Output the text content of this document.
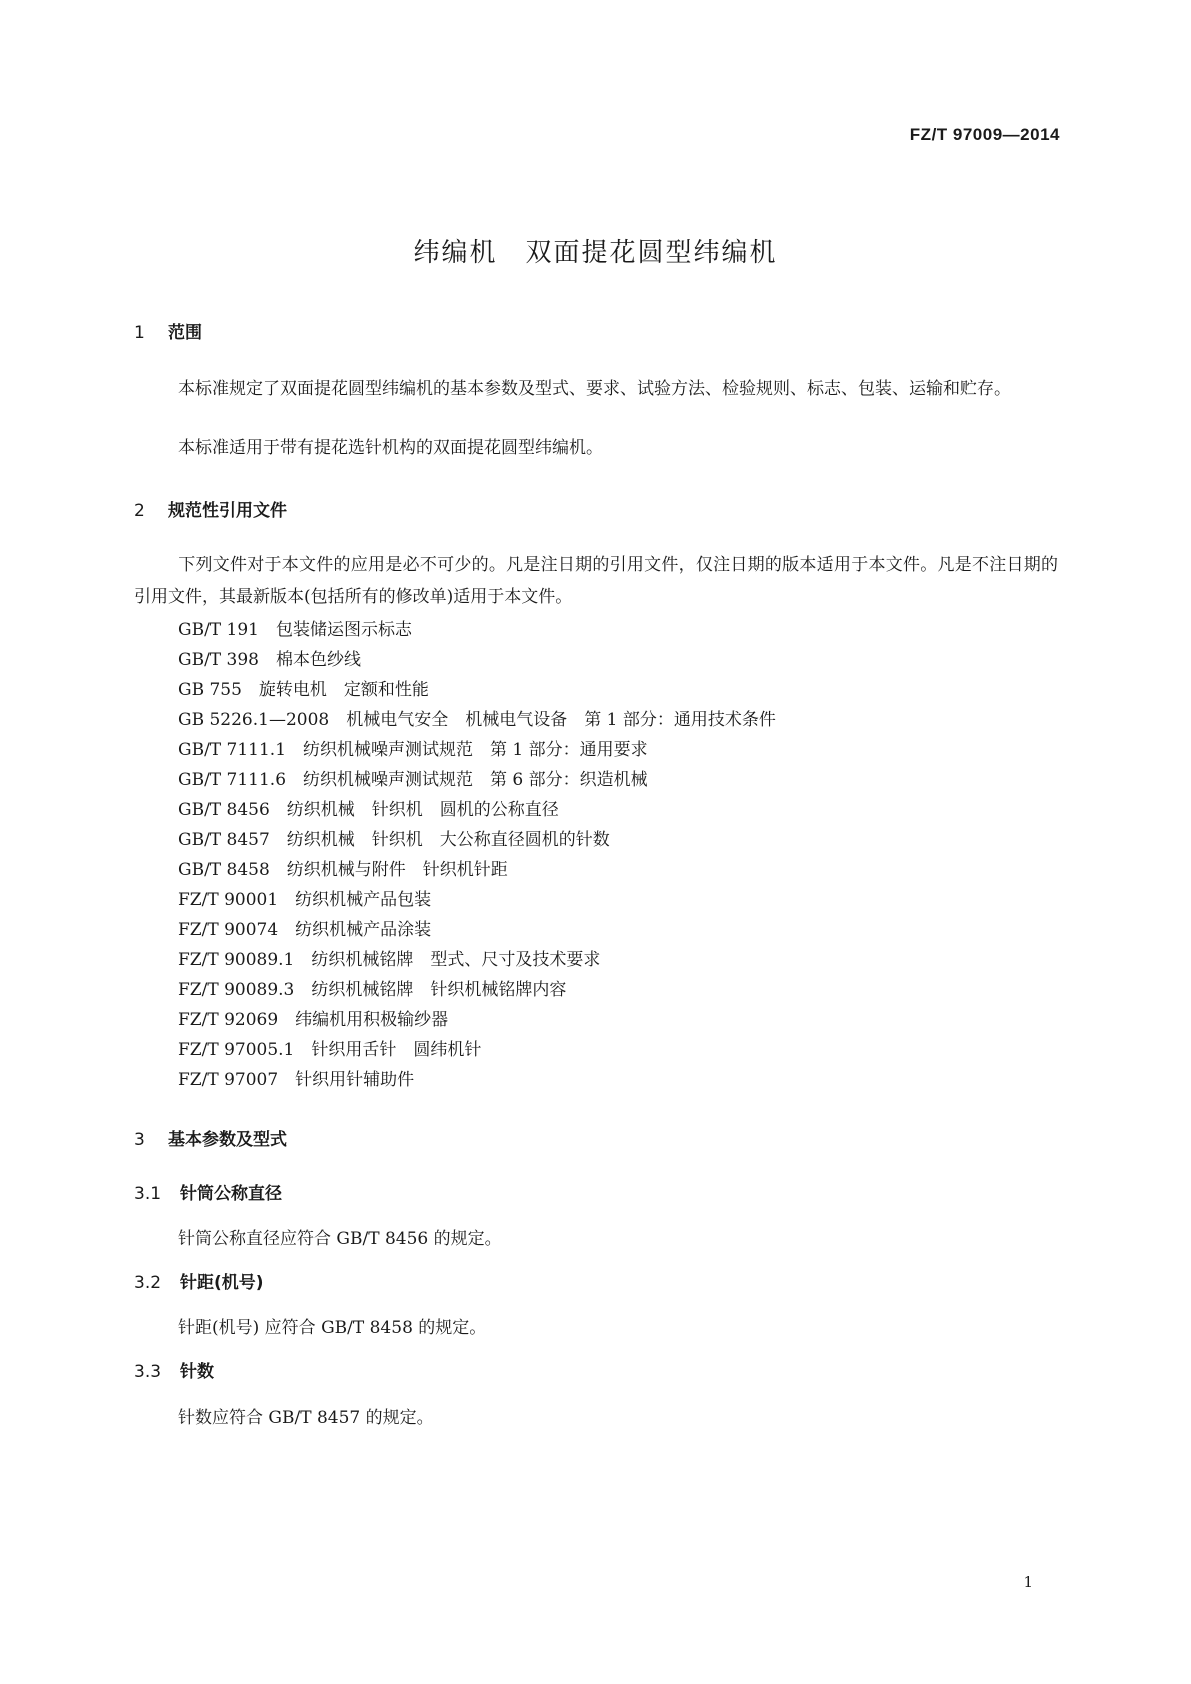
FZ/T 97009—2014
纬编机　双面提花圆型纬编机
1 范围
本标准规定了双面提花圆型纬编机的基本参数及型式、要求、试验方法、检验规则、标志、包装、运输和贮存。
本标准适用于带有提花选针机构的双面提花圆型纬编机。
2 规范性引用文件
下列文件对于本文件的应用是必不可少的。凡是注日期的引用文件，仅注日期的版本适用于本文件。凡是不注日期的引用文件，其最新版本(包括所有的修改单)适用于本文件。
GB/T 191　包装储运图示标志
GB/T 398　棉本色纱线
GB 755　旋转电机　定额和性能
GB 5226.1—2008　机械电气安全　机械电气设备　第 1 部分：通用技术条件
GB/T 7111.1　纺织机械噪声测试规范　第 1 部分：通用要求
GB/T 7111.6　纺织机械噪声测试规范　第 6 部分：织造机械
GB/T 8456　纺织机械　针织机　圆机的公称直径
GB/T 8457　纺织机械　针织机　大公称直径圆机的针数
GB/T 8458　纺织机械与附件　针织机针距
FZ/T 90001　纺织机械产品包装
FZ/T 90074　纺织机械产品涂装
FZ/T 90089.1　纺织机械铭牌　型式、尺寸及技术要求
FZ/T 90089.3　纺织机械铭牌　针织机械铭牌内容
FZ/T 92069　纬编机用积极输纱器
FZ/T 97005.1　针织用舌针　圆纬机针
FZ/T 97007　针织用针辅助件
3 基本参数及型式
3.1 针筒公称直径
针筒公称直径应符合 GB/T 8456 的规定。
3.2 针距(机号)
针距(机号) 应符合 GB/T 8458 的规定。
3.3 针数
针数应符合 GB/T 8457 的规定。
1
